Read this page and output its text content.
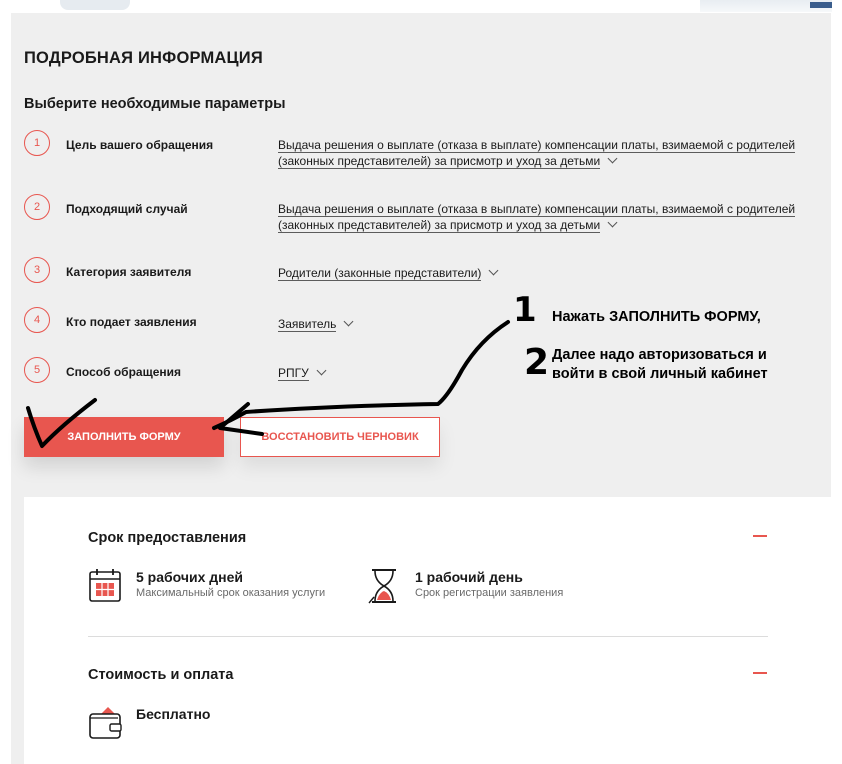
ПОДРОБНАЯ ИНФОРМАЦИЯ
Выберите необходимые параметры
1	Цель вашего обращения	Выдача решения о выплате (отказа в выплате) компенсации платы, взимаемой с родителей
(законных представителей) за присмотр и уход за детьми
2	Подходящий случай	Выдача решения о выплате (отказа в выплате) компенсации платы, взимаемой с родителей
(законных представителей) за присмотр и уход за детьми
3	Категория заявителя	Родители (законные представители)
4	Кто подает заявления	Заявитель
5	Способ обращения	РПГУ
ЗАПОЛНИТЬ ФОРМУ	ВОССТАНОВИТЬ ЧЕРНОВИК
1 Нажать ЗАПОЛНИТЬ ФОРМУ,
2 Далее надо авторизоваться и
войти в свой личный кабинет
Срок предоставления
5 рабочих дней
Максимальный срок оказания услуги
1 рабочий день
Срок регистрации заявления
Стоимость и оплата
Бесплатно
